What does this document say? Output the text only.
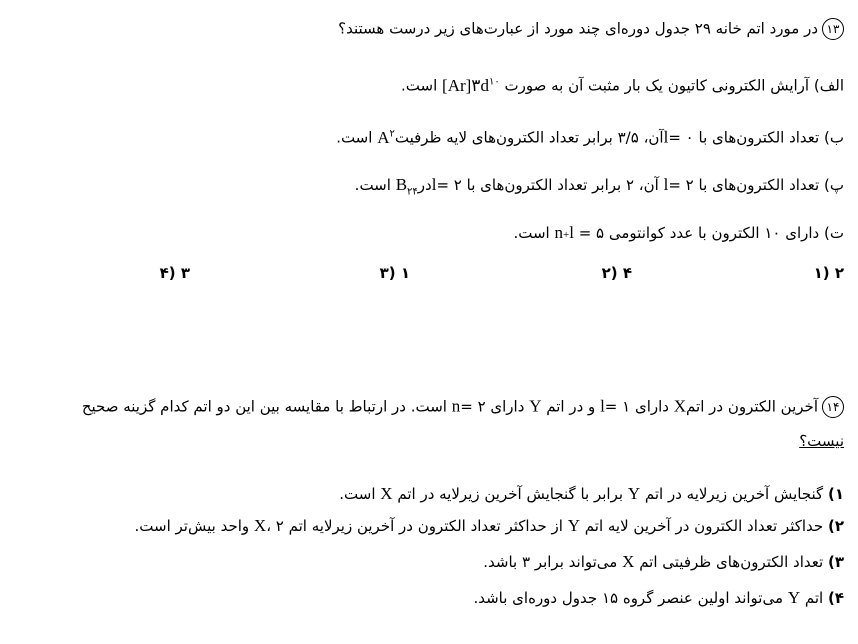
۱۳در مورد اتم خانه ۲۹ جدول دوره‌ای چند مورد از عبارت‌های زیر درست هستند؟
الف) آرایش الکترونی کاتیون یک بار مثبت آن به صورت $[Ar]۳d^{۱۰}$ است.
ب) تعداد الکترون‌های با ۰ =lآن، ۳/۵ برابر تعداد الکترون‌های لایه ظرفیتA$^۲$ است.
پ) تعداد الکترون‌های با ۲ =l آن، ۲ برابر تعداد الکترون‌های با ۲ =lدرB$_{۲۴}$ است.
ت) دارای ۱۰ الکترون با عدد کوانتومی ۵ = n+l است.
۲ (۱
۴ (۲
۱ (۳
۳ (۴
۱۴آخرین الکترون در اتمX دارای ۱ =l و در اتم Y دارای ۲ =n است. در ارتباط با مقایسه بین این دو اتم کدام گزینه صحیح
نیست؟
۱) گنجایش آخرین زیرلایه در اتم Y برابر با گنجایش آخرین زیرلایه در اتم X است.
۲) حداکثر تعداد الکترون در آخرین لایه اتم Y از حداکثر تعداد الکترون در آخرین زیرلایه اتم X، ۲ واحد بیش‌تر است.
۳) تعداد الکترون‌های ظرفیتی اتم X می‌تواند برابر ۳ باشد.
۴) اتم Y می‌تواند اولین عنصر گروه ۱۵ جدول دوره‌ای باشد.
